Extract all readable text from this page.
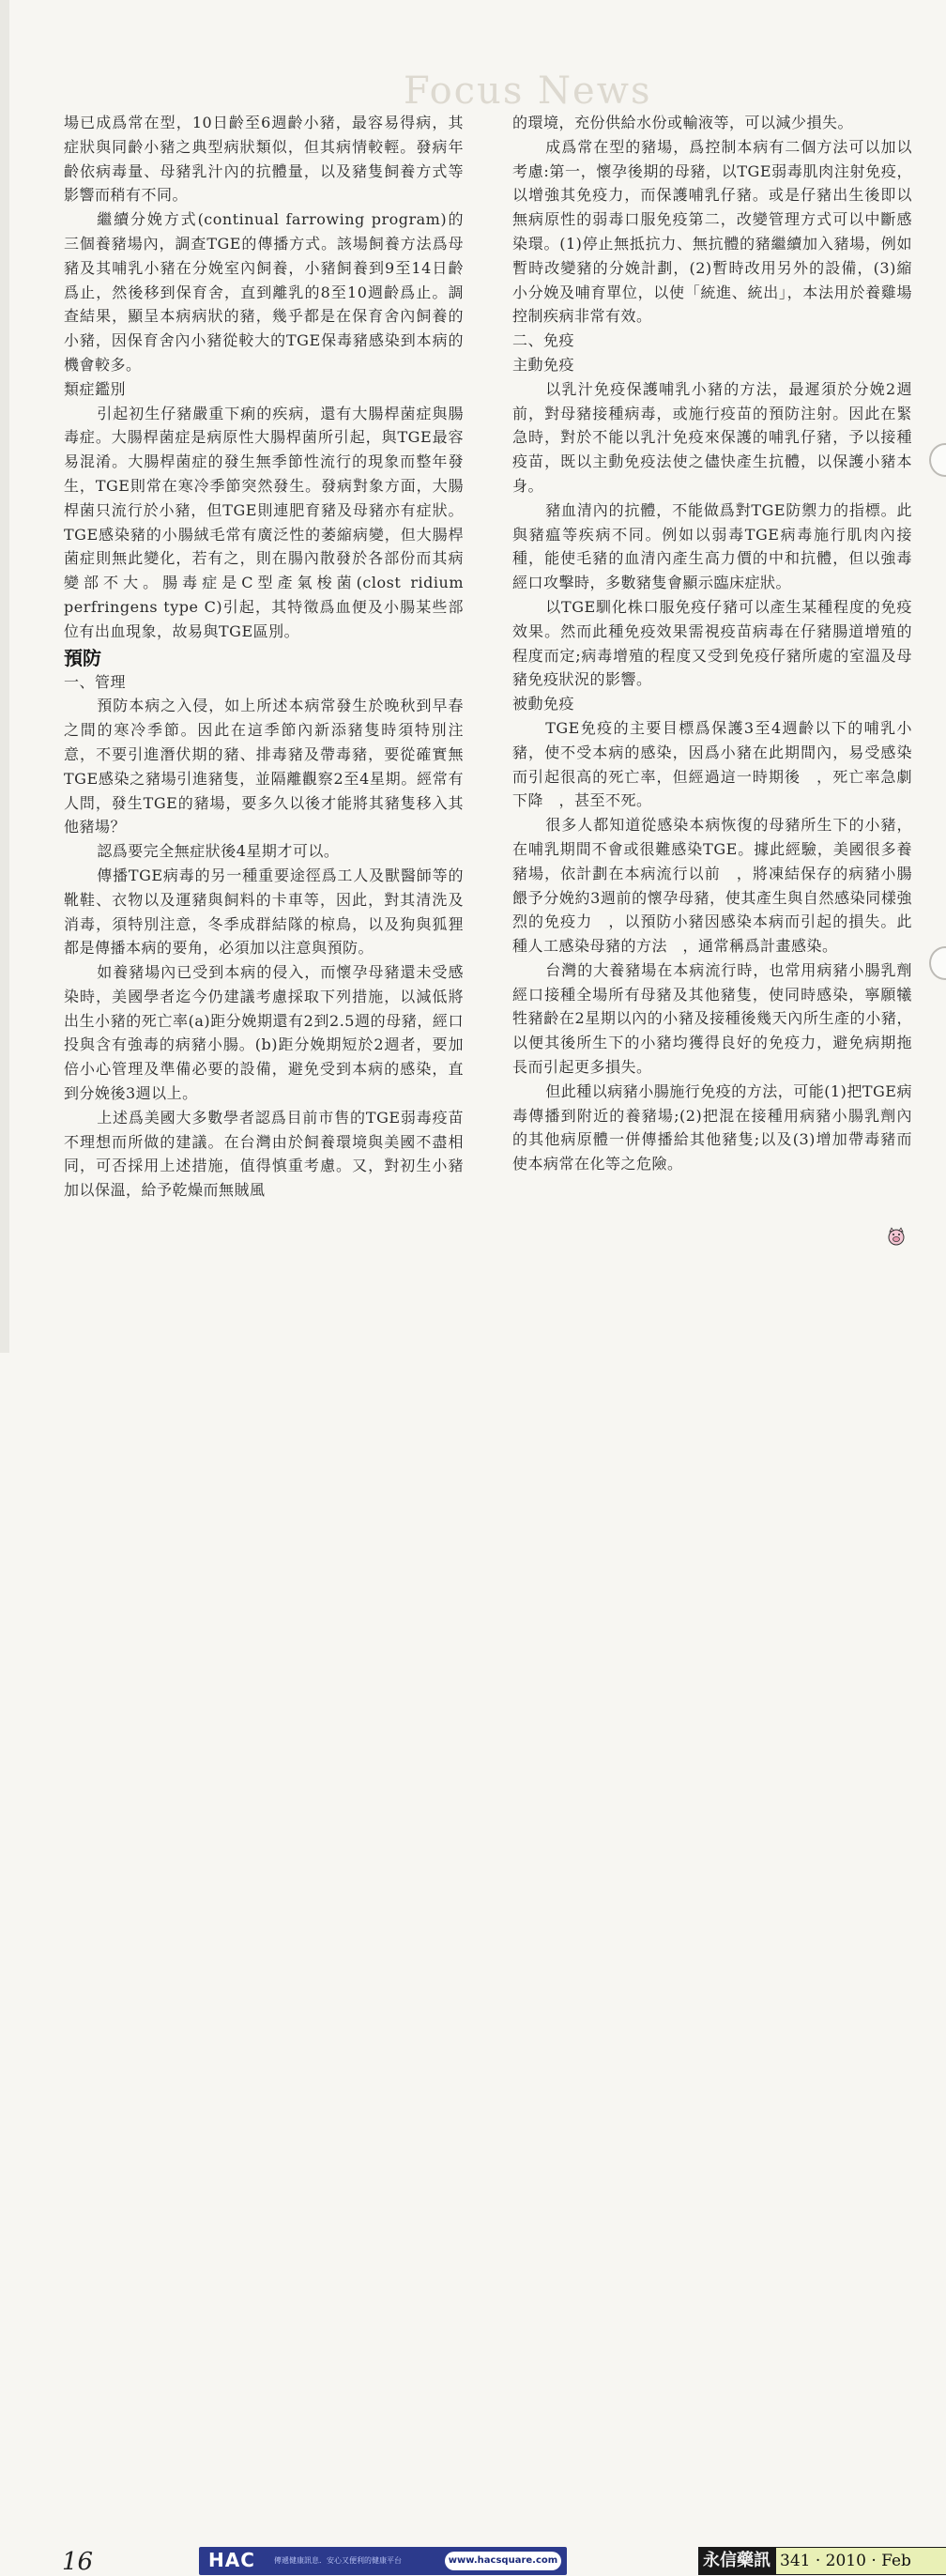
Focus News

場已成爲常在型，10日齡至6週齡小豬，最容易得病，其症狀與同齡小豬之典型病狀類似，但其病情較輕。發病年齡依病毒量、母豬乳汁內的抗體量，以及豬隻飼養方式等影響而稍有不同。

繼續分娩方式(continual farrowing program)的三個養豬場內，調查TGE的傳播方式。該場飼養方法爲母豬及其哺乳小豬在分娩室內飼養，小豬飼養到9至14日齡爲止，然後移到保育舍，直到離乳的8至10週齡爲止。調查結果，顯呈本病病狀的豬，幾乎都是在保育舍內飼養的小豬，因保育舍內小豬從較大的TGE保毒豬感染到本病的機會較多。

類症鑑別

引起初生仔豬嚴重下痢的疾病，還有大腸桿菌症與腸毒症。大腸桿菌症是病原性大腸桿菌所引起，與TGE最容易混淆。大腸桿菌症的發生無季節性流行的現象而整年發生，TGE則常在寒冷季節突然發生。發病對象方面，大腸桿菌只流行於小豬，但TGE則連肥育豬及母豬亦有症狀。TGE感染豬的小腸絨毛常有廣泛性的萎縮病變，但大腸桿菌症則無此變化，若有之，則在腸內散發於各部份而其病變部不大。腸毒症是C型產氣梭菌(clost ridium perfringens type C)引起，其特徵爲血便及小腸某些部位有出血現象，故易與TGE區別。

預防

一、管理

預防本病之入侵，如上所述本病常發生於晚秋到早春之間的寒冷季節。因此在這季節內新添豬隻時須特別注意，不要引進潛伏期的豬、排毒豬及帶毒豬，要從確實無TGE感染之豬場引進豬隻，並隔離觀察2至4星期。經常有人問，發生TGE的豬場，要多久以後才能將其豬隻移入其他豬場？

認爲要完全無症狀後4星期才可以。

傳播TGE病毒的另一種重要途徑爲工人及獸醫師等的靴鞋、衣物以及運豬與飼料的卡車等，因此，對其清洗及消毒，須特別注意，冬季成群結隊的椋鳥，以及狗與狐狸都是傳播本病的要角，必須加以注意與預防。

如養豬場內已受到本病的侵入，而懷孕母豬還未受感染時，美國學者迄今仍建議考慮採取下列措施，以減低將出生小豬的死亡率(a)距分娩期還有2到2.5週的母豬，經口投與含有強毒的病豬小腸。(b)距分娩期短於2週者，要加倍小心管理及準備必要的設備，避免受到本病的感染，直到分娩後3週以上。

上述爲美國大多數學者認爲目前市售的TGE弱毒疫苗不理想而所做的建議。在台灣由於飼養環境與美國不盡相同，可否採用上述措施，值得慎重考慮。又，對初生小豬加以保溫，給予乾燥而無賊風

的環境，充份供給水份或輸液等，可以減少損失。

成爲常在型的豬場，爲控制本病有二個方法可以加以考慮:第一，懷孕後期的母豬，以TGE弱毒肌肉注射免疫，以增強其免疫力，而保護哺乳仔豬。或是仔豬出生後即以無病原性的弱毒口服免疫第二，改變管理方式可以中斷感染環。(1)停止無抵抗力、無抗體的豬繼續加入豬場，例如暫時改變豬的分娩計劃，(2)暫時改用另外的設備，(3)縮小分娩及哺育單位，以使「統進、統出」，本法用於養雞場控制疾病非常有效。

二、免疫

主動免疫

以乳汁免疫保護哺乳小豬的方法，最遲須於分娩2週前，對母豬接種病毒，或施行疫苗的預防注射。因此在緊急時，對於不能以乳汁免疫來保護的哺乳仔豬，予以接種疫苗，既以主動免疫法使之儘快產生抗體，以保護小豬本身。

豬血清內的抗體，不能做爲對TGE防禦力的指標。此與豬瘟等疾病不同。例如以弱毒TGE病毒施行肌肉內接種，能使毛豬的血清內產生高力價的中和抗體，但以強毒經口攻擊時，多數豬隻會顯示臨床症狀。

以TGE馴化株口服免疫仔豬可以產生某種程度的免疫效果。然而此種免疫效果需視疫苗病毒在仔豬腸道增殖的程度而定;病毒增殖的程度又受到免疫仔豬所處的室溫及母豬免疫狀況的影響。

被動免疫

TGE免疫的主要目標爲保護3至4週齡以下的哺乳小豬，使不受本病的感染，因爲小豬在此期間內，易受感染而引起很高的死亡率，但經過這一時期後　，死亡率急劇下降　，甚至不死。

很多人都知道從感染本病恢復的母豬所生下的小豬，在哺乳期間不會或很難感染TGE。據此經驗，美國很多養豬場，依計劃在本病流行以前　，將凍結保存的病豬小腸餵予分娩約3週前的懷孕母豬，使其產生與自然感染同樣強烈的免疫力　，以預防小豬因感染本病而引起的損失。此種人工感染母豬的方法　，通常稱爲計畫感染。

台灣的大養豬場在本病流行時，也常用病豬小腸乳劑經口接種全場所有母豬及其他豬隻，使同時感染，寧願犧牲豬齡在2星期以內的小豬及接種後幾天內所生產的小豬，以便其後所生下的小豬均獲得良好的免疫力，避免病期拖長而引起更多損失。

但此種以病豬小腸施行免疫的方法，可能(1)把TGE病毒傳播到附近的養豬場;(2)把混在接種用病豬小腸乳劑內的其他病原體一併傳播給其他豬隻;以及(3)增加帶毒豬而使本病常在化等之危險。

16	HAC	傳遞健康訊息．安心又便利的健康平台	www.hacsquare.com	永信藥訊 341 · 2010 · Feb
